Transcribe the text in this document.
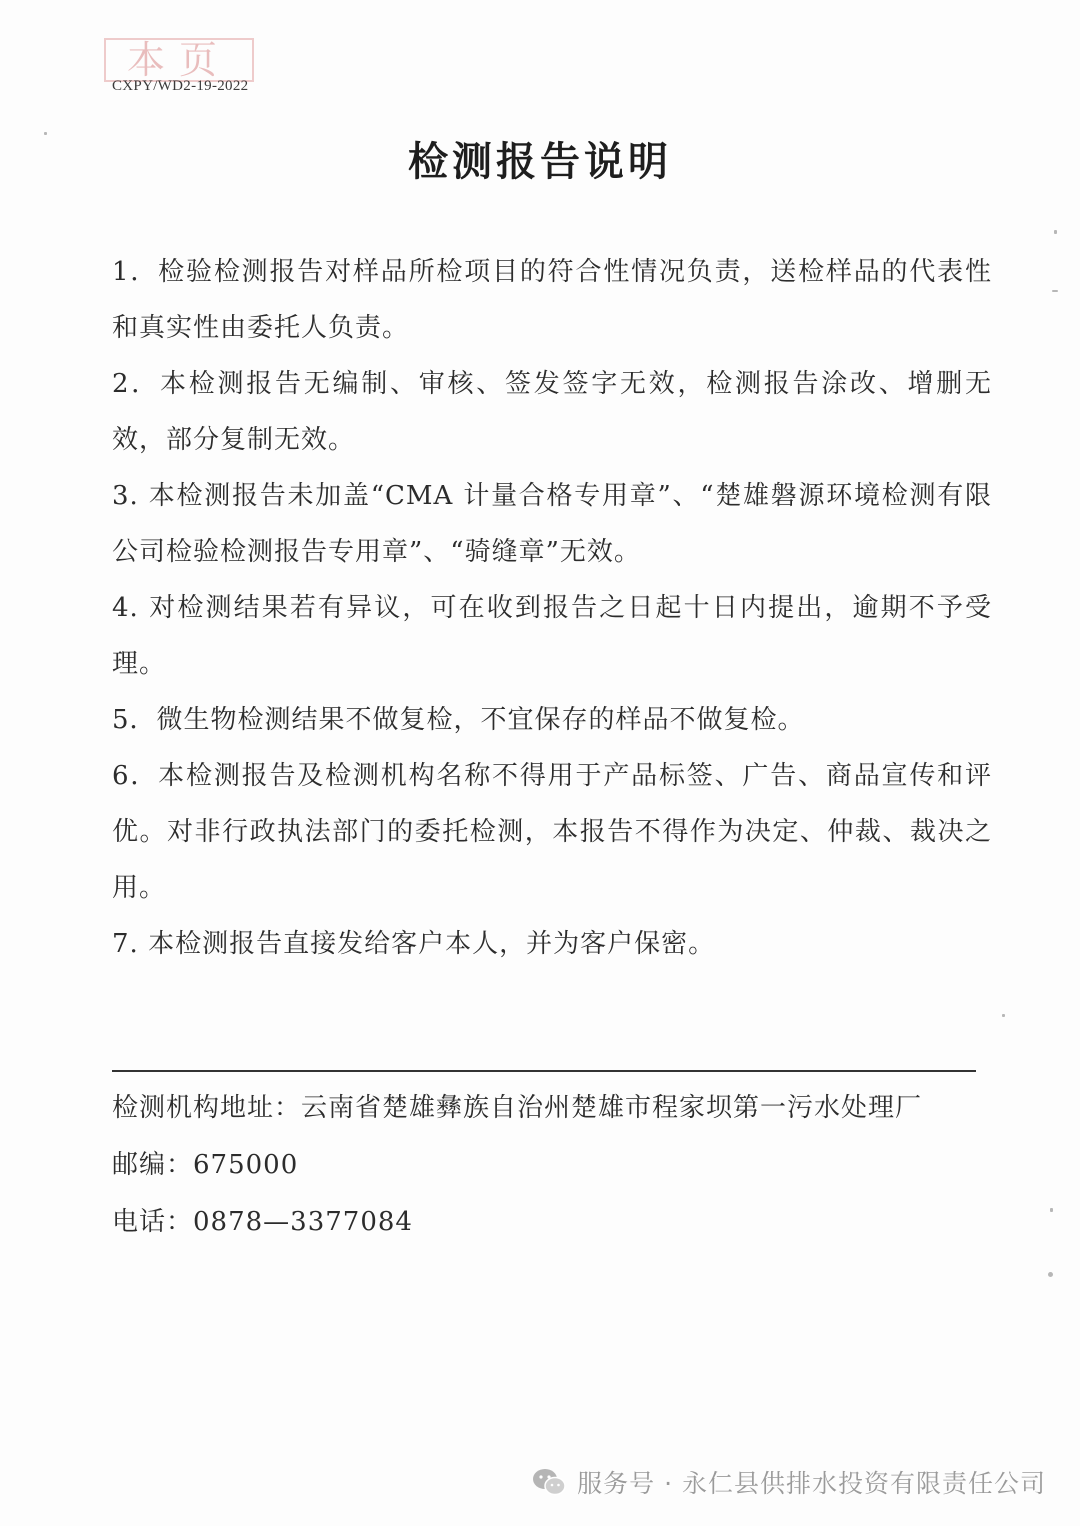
本页
CXPY/WD2-19-2022
检测报告说明
1．检验检测报告对样品所检项目的符合性情况负责，送检样品的代表性和真实性由委托人负责。
2．本检测报告无编制、审核、签发签字无效，检测报告涂改、增删无效，部分复制无效。
3. 本检测报告未加盖“CMA 计量合格专用章”、“楚雄磐源环境检测有限公司检验检测报告专用章”、“骑缝章”无效。
4. 对检测结果若有异议，可在收到报告之日起十日内提出，逾期不予受理。
5．微生物检测结果不做复检，不宜保存的样品不做复检。
6．本检测报告及检测机构名称不得用于产品标签、广告、商品宣传和评优。对非行政执法部门的委托检测，本报告不得作为决定、仲裁、裁决之用。
7. 本检测报告直接发给客户本人，并为客户保密。
检测机构地址：云南省楚雄彝族自治州楚雄市程家坝第一污水处理厂
邮编：675000
电话：0878—3377084
服务号 · 永仁县供排水投资有限责任公司
